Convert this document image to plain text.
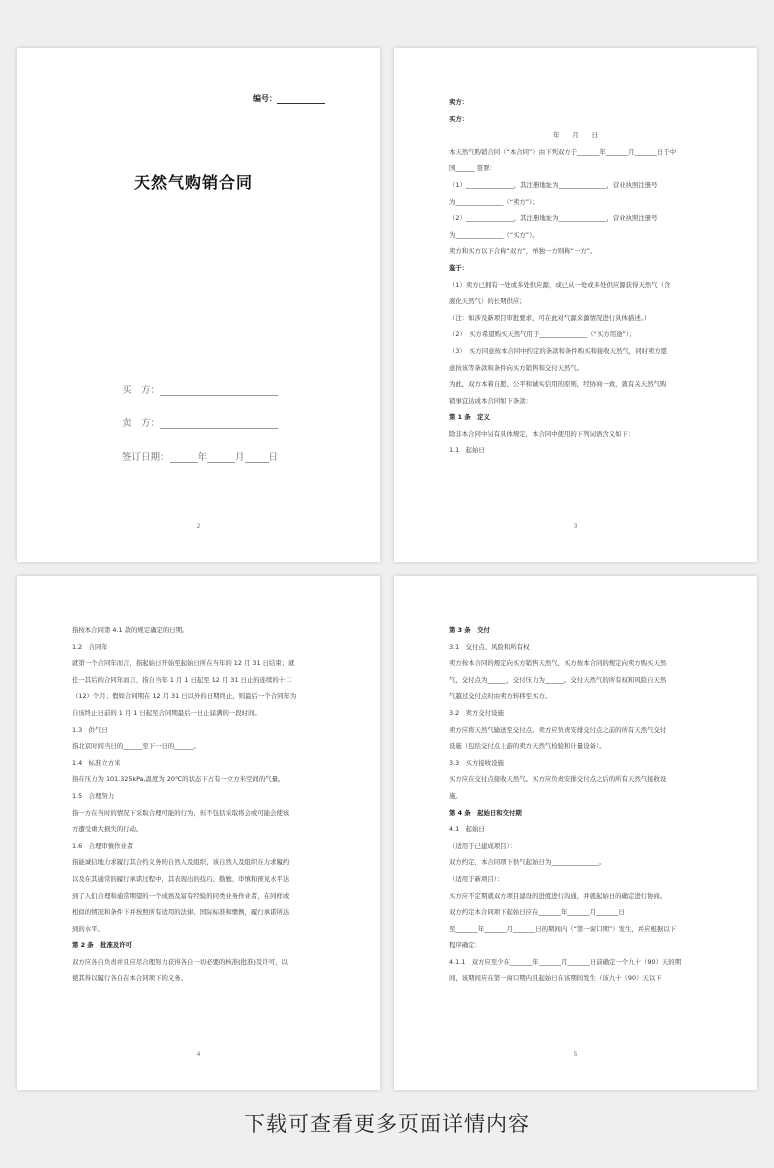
编号：
天然气购销合同
买　方：
卖　方：
签订日期：	年	月	日
2
卖方：
买方：
年　　月　　日
本天然气购销合同（“本合同”）由下列双方于_______年_______月_______日于中
国______ 签署：
（1）_______________，其注册地址为_______________，营业执照注册号
为_______________（“卖方”）；
（2）_______________，其注册地址为_______________，营业执照注册号
为_______________（“买方”）。
卖方和买方以下合称“双方”，单独一方则称“一方”。
鉴于：
（1）卖方已拥有一处或多处供应源，或已从一处或多处供应源获得天然气（含
液化天然气）的长期供应；
（注：如涉及新项目审批要求，可在此对气源来源情况进行具体描述。）
（2）　买方希望购买天然气用于_______________（“买方用途”）；
（3）　买方同意按本合同中约定的条款和条件购买和接收天然气，同时卖方愿
意按该等条款和条件向买方销售和交付天然气。
为此，双方本着自愿、公平和诚实信用的原则，经协商一致，就有关天然气购
销事宜达成本合同如下条款：
第 1 条　定义
除非本合同中另有具体规定，本合同中使用的下列词语含义如下：
1.1　起始日
3
指按本合同第 4.1 款的规定确定的日期。
1.2　合同年
就第一个合同年而言，指起始日开始至起始日所在当年的 12 月 31 日结束；就
任一其后的合同年而言，指自当年 1 月 1 日起至 12 月 31 日止的连续的十二
（12）个月；假如合同期在 12 月 31 日以外的日期终止，则最后一个合同年为
自该终止日前的 1 月 1 日起至合同期最后一日止届满的一段时间。
1.3　供气日
指北京时间当日的______至下一日的______。
1.4　标准立方米
指在压力为 101.325kPa,温度为 20℃的状态下占有一立方米空间的气量。
1.5　合理努力
指一方在当时的情况下采取合理可能的行为，但不包括采取将会或可能会使该
方遭受重大损失的行动。
1.6　合理审慎作业者
指能诚信地力求履行其合约义务的自然人及组织，该自然人及组织在力求履约
以及在其通常的履行承诺过程中，其表现出的技巧、勤勉、审慎和预见水平达
到了人们合理和通常期望的一个成熟及富有经验的同类业务作业者，在同样或
相似的情况和条件下并按照所有适用的法律、国际标准和惯例，履行承诺所达
到的水平。
第 2 条　批准及许可
双方应各自负责并且应尽合理努力获得各自一切必要的核准(批准)及许可，以
使其得以履行各自在本合同项下的义务。
4
第 3 条　交付
3.1　交付点、风险和所有权
卖方按本合同的规定向买方销售天然气，买方按本合同的规定向卖方购买天然
气，交付点为______，交付压力为______。交付天然气的所有权和风险自天然
气越过交付点时由卖方转移至买方。
3.2　卖方交付设施
卖方应将天然气输送至交付点。卖方应负责安排交付点之前的所有天然气交付
设施（包括交付点上游的卖方天然气检验和计量设备）。
3.3　买方接收设施
买方应在交付点接收天然气。买方应负责安排交付点之后的所有天然气接收设
施。
第 4 条　起始日和交付期
4.1　起始日
（适用于已建成项目）：
双方约定，本合同项下供气起始日为_______________。
（适用于新项目）：
买方应不定期就双方项目建设的进度进行沟通，并就起始日的确定进行协商。
双方约定本合同项下起始日应在_______年_______月_______日
至_______年_______月_______日的期间内（“第一窗口期”）发生，并应根据以下
程序确定：
4.1.1　双方应至少在_______年_______月_______日前确定一个九十（90）天的期
间，该期间应在第一窗口期内且起始日在该期间发生（该九十（90）天以下
5
下载可查看更多页面详情内容
